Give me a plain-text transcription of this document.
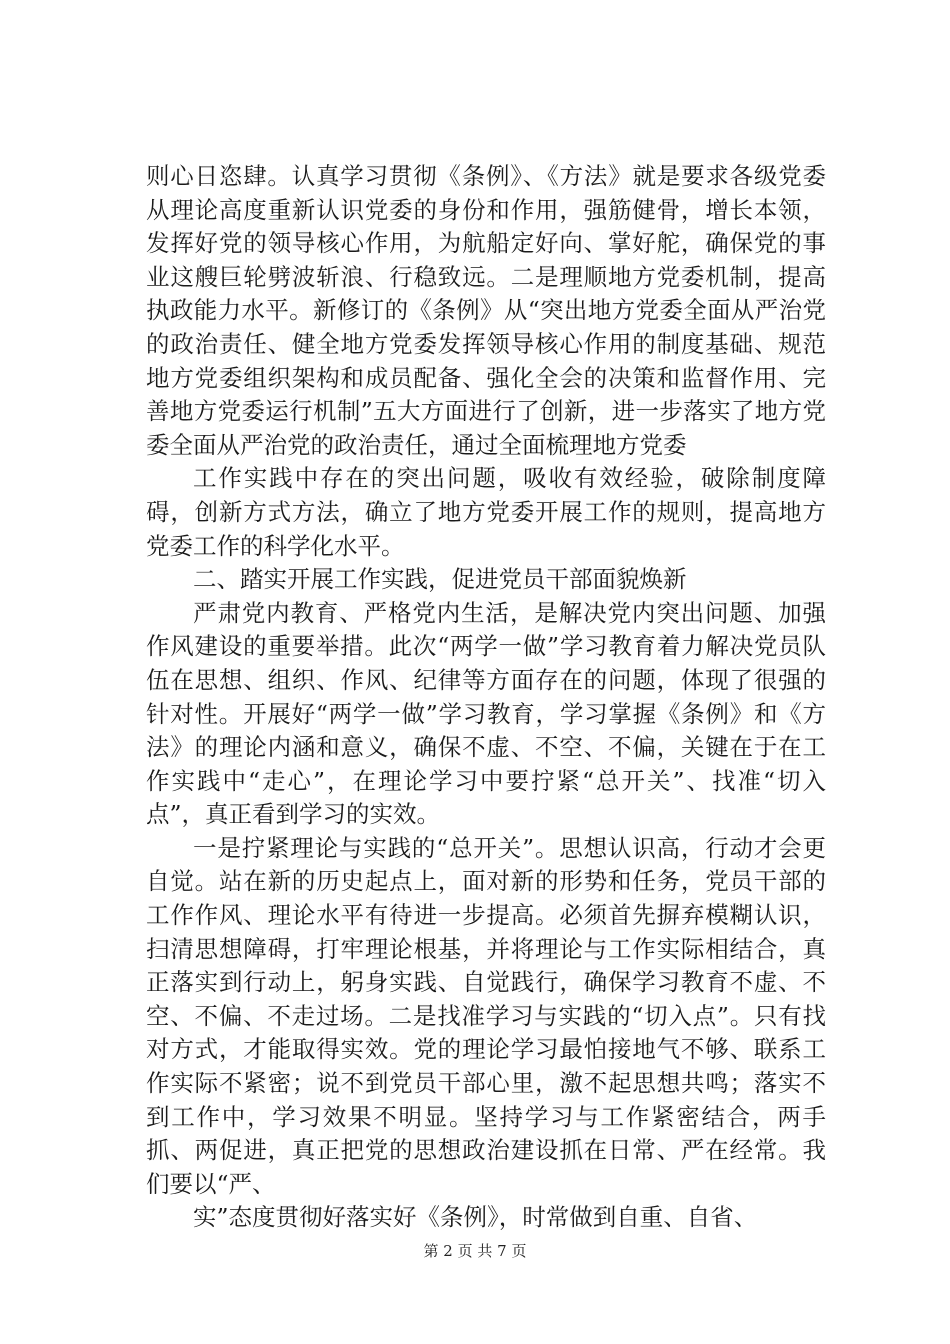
则心日恣肆。认真学习贯彻《条例》、《方法》就是要求各级党委从理论高度重新认识党委的身份和作用，强筋健骨，增长本领，发挥好党的领导核心作用，为航船定好向、掌好舵，确保党的事业这艘巨轮劈波斩浪、行稳致远。二是理顺地方党委机制，提高执政能力水平。新修订的《条例》从“突出地方党委全面从严治党的政治责任、健全地方党委发挥领导核心作用的制度基础、规范地方党委组织架构和成员配备、强化全会的决策和监督作用、完善地方党委运行机制”五大方面进行了创新，进一步落实了地方党委全面从严治党的政治责任，通过全面梳理地方党委

工作实践中存在的突出问题，吸收有效经验，破除制度障碍，创新方式方法，确立了地方党委开展工作的规则，提高地方党委工作的科学化水平。

二、踏实开展工作实践，促进党员干部面貌焕新

严肃党内教育、严格党内生活，是解决党内突出问题、加强作风建设的重要举措。此次“两学一做”学习教育着力解决党员队伍在思想、组织、作风、纪律等方面存在的问题，体现了很强的针对性。开展好“两学一做”学习教育，学习掌握《条例》和《方法》的理论内涵和意义，确保不虚、不空、不偏，关键在于在工作实践中“走心”，在理论学习中要拧紧“总开关”、找准“切入点”，真正看到学习的实效。

一是拧紧理论与实践的“总开关”。思想认识高，行动才会更自觉。站在新的历史起点上，面对新的形势和任务，党员干部的工作作风、理论水平有待进一步提高。必须首先摒弃模糊认识，扫清思想障碍，打牢理论根基，并将理论与工作实际相结合，真正落实到行动上，躬身实践、自觉践行，确保学习教育不虚、不空、不偏、不走过场。二是找准学习与实践的“切入点”。只有找对方式，才能取得实效。党的理论学习最怕接地气不够、联系工作实际不紧密；说不到党员干部心里，激不起思想共鸣；落实不到工作中，学习效果不明显。坚持学习与工作紧密结合，两手抓、两促进，真正把党的思想政治建设抓在日常、严在经常。我们要以“严、

实”态度贯彻好落实好《条例》，时常做到自重、自省、

第 2 页 共 7 页
